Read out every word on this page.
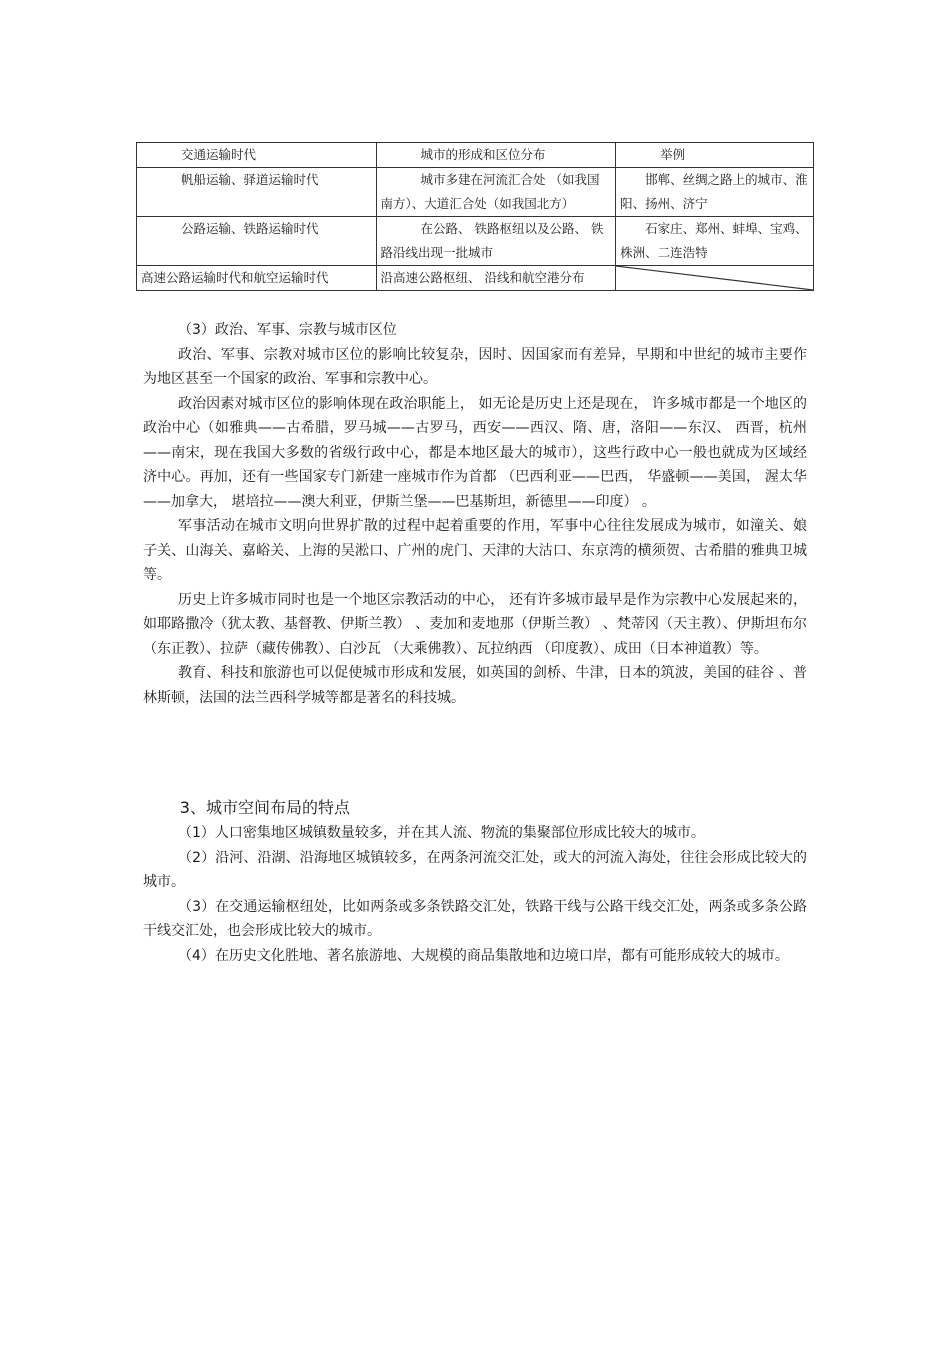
交通运输时代	城市的形成和区位分布	举例
帆船运输、驿道运输时代	城市多建在河流汇合处 （如我国南方）、大道汇合处（如我国北方）	邯郸、丝绸之路上的城市、淮阳、扬州、济宁
公路运输、铁路运输时代	在公路、 铁路枢纽以及公路、 铁路沿线出现一批城市	石家庄、郑州、蚌埠、宝鸡、株洲、二连浩特
高速公路运输时代和航空运输时代	沿高速公路枢纽、 沿线和航空港分布	

（3）政治、军事、宗教与城市区位

政治、军事、宗教对城市区位的影响比较复杂，因时、因国家而有差异，早期和中世纪的城市主要作为地区甚至一个国家的政治、军事和宗教中心。

政治因素对城市区位的影响体现在政治职能上， 如无论是历史上还是现在， 许多城市都是一个地区的政治中心（如雅典——古希腊，罗马城——古罗马，西安——西汉、隋、唐，洛阳——东汉、 西晋，杭州——南宋，现在我国大多数的省级行政中心，都是本地区最大的城市），这些行政中心一般也就成为区域经济中心。再加，还有一些国家专门新建一座城市作为首都 （巴西利亚——巴西， 华盛顿——美国， 渥太华——加拿大， 堪培拉——澳大利亚，伊斯兰堡——巴基斯坦，新德里——印度） 。

军事活动在城市文明向世界扩散的过程中起着重要的作用，军事中心往往发展成为城市，如潼关、娘子关、山海关、嘉峪关、上海的吴淞口、广州的虎门、天津的大沽口、东京湾的横须贺、古希腊的雅典卫城等。

历史上许多城市同时也是一个地区宗教活动的中心， 还有许多城市最早是作为宗教中心发展起来的，如耶路撒冷（犹太教、基督教、伊斯兰教） 、麦加和麦地那（伊斯兰教） 、梵蒂冈（天主教）、伊斯坦布尔 （东正教）、拉萨（藏传佛教）、白沙瓦 （大乘佛教）、瓦拉纳西 （印度教）、成田（日本神道教）等。

教育、科技和旅游也可以促使城市形成和发展，如英国的剑桥、牛津，日本的筑波，美国的硅谷 、普林斯顿，法国的法兰西科学城等都是著名的科技城。

3、城市空间布局的特点

（1）人口密集地区城镇数量较多，并在其人流、物流的集聚部位形成比较大的城市。

（2）沿河、沿湖、沿海地区城镇较多，在两条河流交汇处，或大的河流入海处，往往会形成比较大的城市。

（3）在交通运输枢纽处，比如两条或多条铁路交汇处，铁路干线与公路干线交汇处，两条或多条公路干线交汇处，也会形成比较大的城市。

（4）在历史文化胜地、著名旅游地、大规模的商品集散地和边境口岸，都有可能形成较大的城市。
